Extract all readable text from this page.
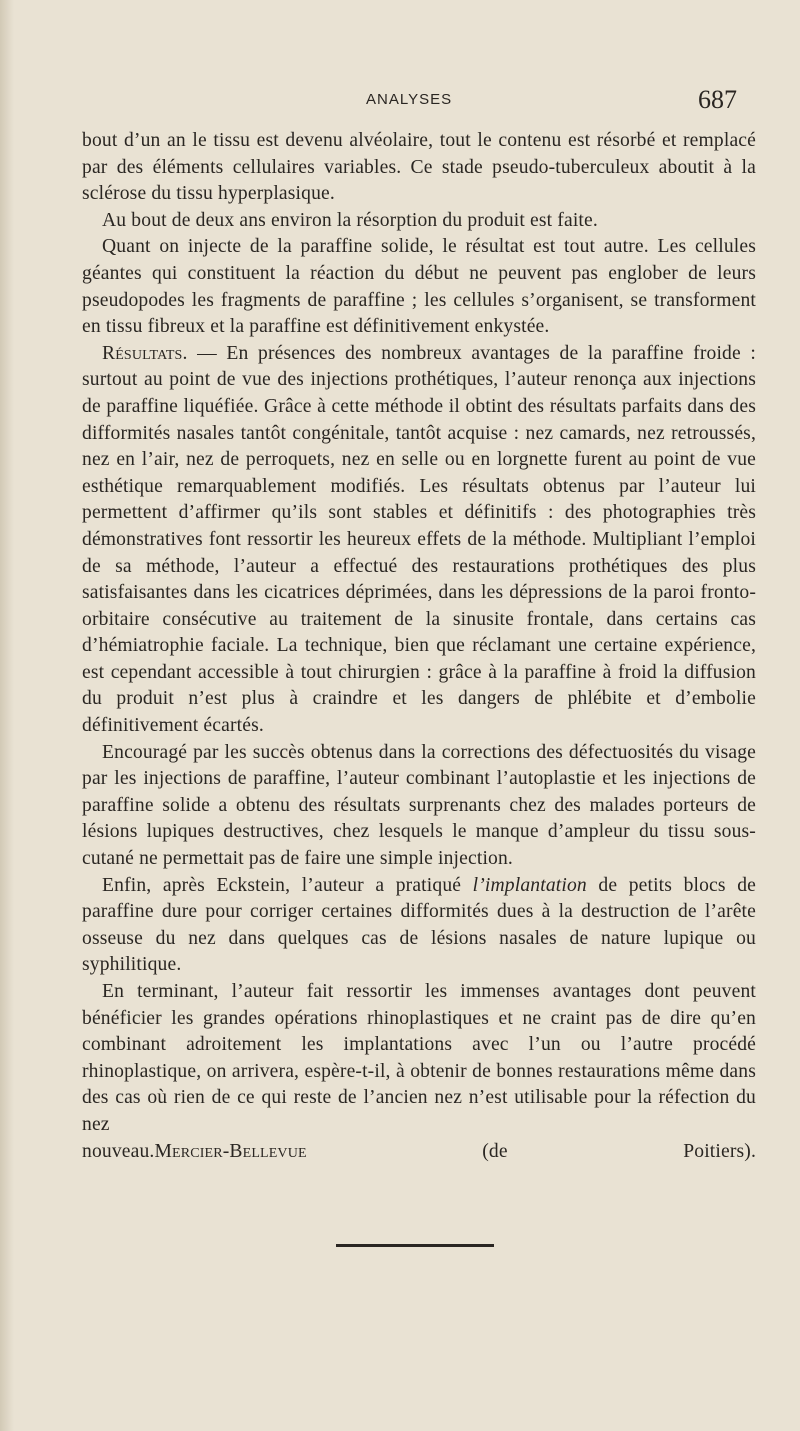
ANALYSES	687

bout d’un an le tissu est devenu alvéolaire, tout le contenu est résorbé et remplacé par des éléments cellulaires variables. Ce stade pseudo-tuberculeux aboutit à la sclérose du tissu hyperplasique.

Au bout de deux ans environ la résorption du produit est faite.

Quant on injecte de la paraffine solide, le résultat est tout autre. Les cellules géantes qui constituent la réaction du début ne peuvent pas englober de leurs pseudopodes les fragments de paraffine ; les cellules s’organisent, se transforment en tissu fibreux et la paraffine est définitivement enkystée.

Résultats. — En présences des nombreux avantages de la paraffine froide : surtout au point de vue des injections prothétiques, l’auteur renonça aux injections de paraffine liquéfiée. Grâce à cette méthode il obtint des résultats parfaits dans des difformités nasales tantôt congénitale, tantôt acquise : nez camards, nez retroussés, nez en l’air, nez de perroquets, nez en selle ou en lorgnette furent au point de vue esthétique remarquablement modifiés. Les résultats obtenus par l’auteur lui permettent d’affirmer qu’ils sont stables et définitifs : des photographies très démonstratives font ressortir les heureux effets de la méthode. Multipliant l’emploi de sa méthode, l’auteur a effectué des restaurations prothétiques des plus satisfaisantes dans les cicatrices déprimées, dans les dépressions de la paroi fronto-orbitaire consécutive au traitement de la sinusite frontale, dans certains cas d’hémiatrophie faciale. La technique, bien que réclamant une certaine expérience, est cependant accessible à tout chirurgien : grâce à la paraffine à froid la diffusion du produit n’est plus à craindre et les dangers de phlébite et d’embolie définitivement écartés.

Encouragé par les succès obtenus dans la corrections des défectuosités du visage par les injections de paraffine, l’auteur combinant l’autoplastie et les injections de paraffine solide a obtenu des résultats surprenants chez des malades porteurs de lésions lupiques destructives, chez lesquels le manque d’ampleur du tissu sous-cutané ne permettait pas de faire une simple injection.

Enfin, après Eckstein, l’auteur a pratiqué l’implantation de petits blocs de paraffine dure pour corriger certaines difformités dues à la destruction de l’arête osseuse du nez dans quelques cas de lésions nasales de nature lupique ou syphilitique.

En terminant, l’auteur fait ressortir les immenses avantages dont peuvent bénéficier les grandes opérations rhinoplastiques et ne craint pas de dire qu’en combinant adroitement les implantations avec l’un ou l’autre procédé rhinoplastique, on arrivera, espère-t-il, à obtenir de bonnes restaurations même dans des cas où rien de ce qui reste de l’ancien nez n’est utilisable pour la réfection du nez

nouveau.Mercier-Bellevue	(de Poitiers).
